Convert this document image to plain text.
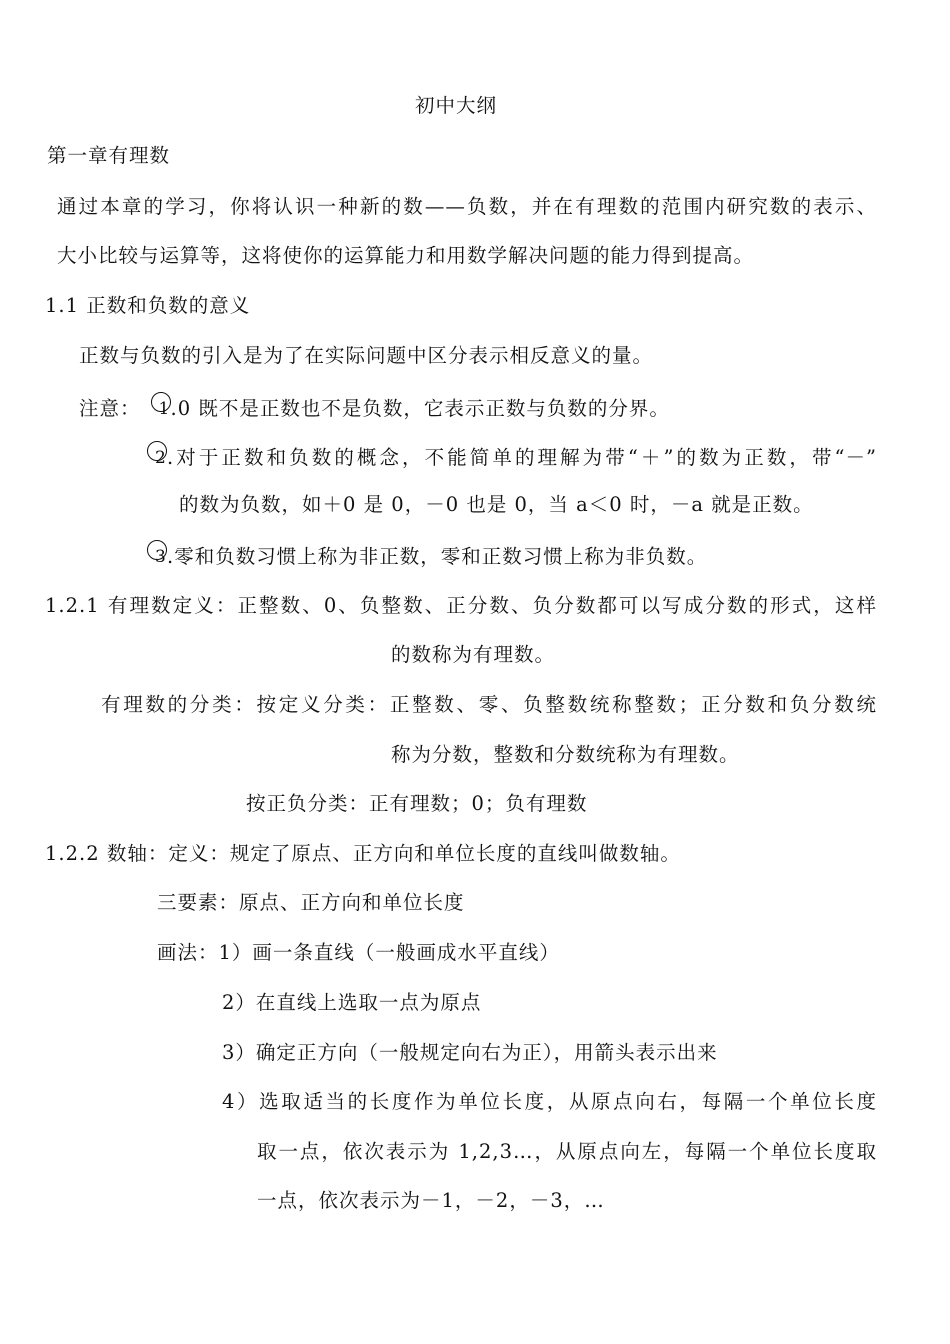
初中大纲
第一章有理数
通过本章的学习，你将认识一种新的数——负数，并在有理数的范围内研究数的表示、
大小比较与运算等，这将使你的运算能力和用数学解决问题的能力得到提高。
1.1 正数和负数的意义
正数与负数的引入是为了在实际问题中区分表示相反意义的量。
注意： 1 .0 既不是正数也不是负数，它表示正数与负数的分界。
2 .对于正数和负数的概念，不能简单的理解为带“＋”的数为正数，带“－”
的数为负数，如＋0 是 0，－0 也是 0，当 a＜0 时，－a 就是正数。
3 .零和负数习惯上称为非正数，零和正数习惯上称为非负数。
1.2.1 有理数定义：正整数、0、负整数、正分数、负分数都可以写成分数的形式，这样
的数称为有理数。
有理数的分类：按定义分类：正整数、零、负整数统称整数；正分数和负分数统
称为分数，整数和分数统称为有理数。
按正负分类：正有理数；0；负有理数
1.2.2 数轴：定义：规定了原点、正方向和单位长度的直线叫做数轴。
三要素：原点、正方向和单位长度
画法：1）画一条直线（一般画成水平直线）
2）在直线上选取一点为原点
3）确定正方向（一般规定向右为正），用箭头表示出来
4）选取适当的长度作为单位长度，从原点向右，每隔一个单位长度
取一点，依次表示为 1,2,3…，从原点向左，每隔一个单位长度取
一点，依次表示为－1，－2，－3，…
